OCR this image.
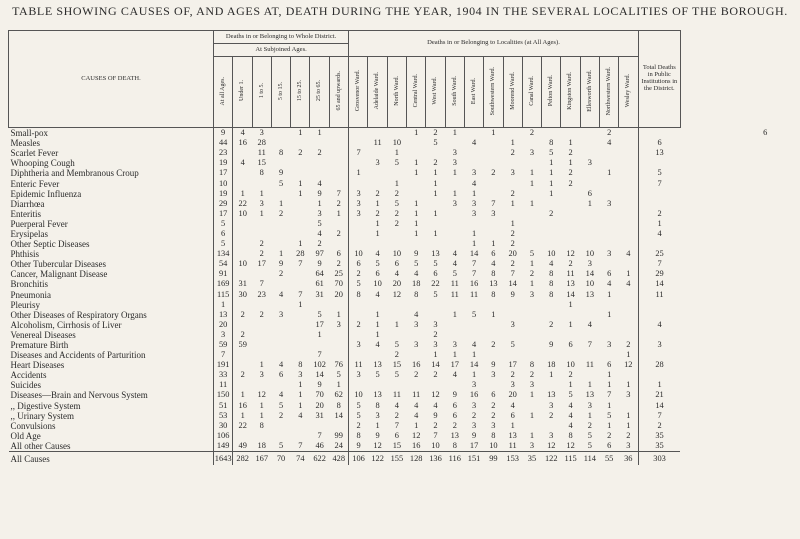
TABLE SHOWING CAUSES OF, AND AGES AT, DEATH DURING THE YEAR, 1904 IN THE SEVERAL LOCALITIES OF THE BOROUGH.
CAUSES OF DEATH.	Deaths in or Belonging to Whole District.							Deaths in or Belonging to Localities (at All Ages).															Total Deaths in Public Institutions in the District.		
	At Subjoined Ages.																								
	At all Ages.	Under 1.	1 to 5.	5 to 15.	15 to 25.	25 to 65.	65 and upwards.	Grosvenor Ward.	Adelaide Ward.	North Ward.	Central Ward.	West Ward.	South Ward.	East Ward.	Southwestern Ward.	Moorend Ward.	Canal Ward.	Pelton Ward.	Kingston Ward.	Ellesworth Ward.	Northwestern Ward.	Wesley Ward.			
Small-pox	9	4	3		1	1					1	2	1		1		2				2				6
Measles	44	16	28						11	10		5		4		1		8	1		4		6		
Scarlet Fever	23		11	8	2	2		7		1			3			2	3	5	2				13		
Whooping Cough	19	4	15						3	5	1	2	3					1	1	3					
Diphtheria and Membranous Croup	17		8	9				1			1	1	1	3	2	3	1	1	2		1		5		
Enteric Fever	10			5	1	4				1		1		4			1	1	2				7		
Epidemic Influenza	19	1	1		1	9	7	3	2	2		1	1	1		2		1		6					
Diarrhœa	29	22	3	1		1	2	3	1	5	1		3	3	7	1	1			1	3				
Enteritis	17	10	1	2		3	1	3	2	2	1	1		3	3			2					2		
Puerperal Fever	5					5			1	2	1					1							1		
Erysipelas	6					4	2		1		1	1		1		2							4		
Other Septic Diseases	5		2		1	2								1	1	2									
Phthisis	134		2	1	28	97	6	10	4	10	9	13	4	14	6	20	5	10	12	10	3	4	25		
Other Tubercular Diseases	54	10	17	9	7	9	2	6	5	6	5	5	4	7	4	2	1	4	2	3			7		
Cancer, Malignant Disease	91			2		64	25	2	6	4	4	6	5	7	8	7	2	8	11	14	6	1	29		
Bronchitis	169	31	7			61	70	5	10	20	18	22	11	16	13	14	1	8	13	10	4	4	14		
Pneumonia	115	30	23	4	7	31	20	8	4	12	8	5	11	11	8	9	3	8	14	13	1		11		
Pleurisy	1				1														1						
Other Diseases of Respiratory Organs	13	2	2	3		5	1		1		4		1	5	1						1				
Alcoholism, Cirrhosis of Liver	20					17	3	2	1	1	3	3				3		2	1	4			4		
Venereal Diseases	3	2				1			1			2													
Premature Birth	59	59						3	4	5	3	3	3	4	2	5		9	6	7	3	2	3		
Diseases and Accidents of Parturition	7					7				2		1	1	1								1			
Heart Diseases	191		1	4	8	102	76	11	13	15	16	14	17	14	9	17	8	18	10	11	6	12	28		
Accidents	33	2	3	6	3	14	5	3	5	5	2	2	4	1	3	2	2	1	2		1				
Suicides	11				1	9	1							3		3	3		1	1	1	1	1		
Diseases—Brain and Nervous System	150	1	12	4	1	70	62	10	13	11	11	12	9	16	6	20	1	13	5	13	7	3	21		
,, Digestive System	51	16	1	5	1	20	8	5	8	4	4	4	6	3	2	4		3	4	3	1		14		
,, Urinary System	53	1	1	2	4	31	14	5	3	2	4	9	6	2	2	6	1	2	4	1	5	1	7		
Convulsions	30	22	8					2	1	7	1	2	2	3	3	1			4	2	1	1	2		
Old Age	106					7	99	8	9	6	12	7	13	9	8	13	1	3	8	5	2	2	35		
All other Causes	149	49	18	5	7	46	24	9	12	15	16	10	8	17	10	11	3	12	12	5	6	3	35		
All Causes	1643	282	167	70	74	622	428	106	122	155	128	136	116	151	99	153	35	122	115	114	55	36	303		
